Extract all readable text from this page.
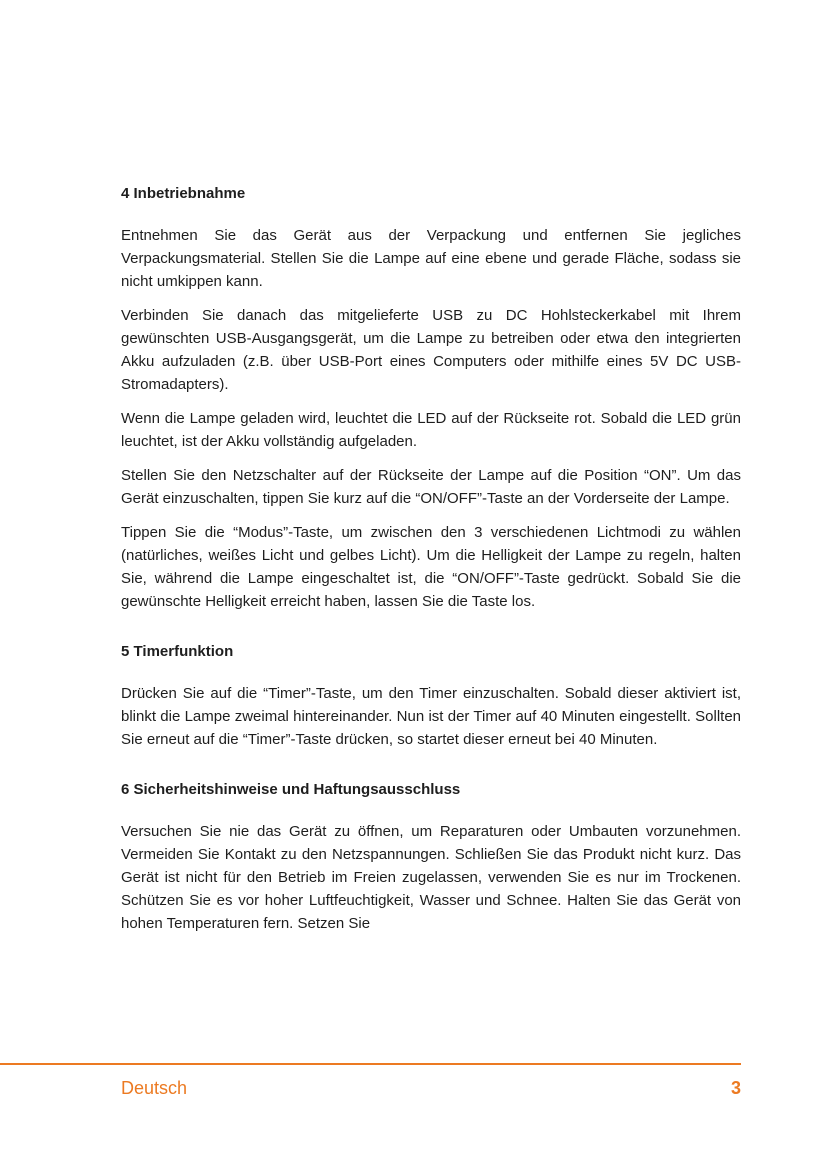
4 Inbetriebnahme

Entnehmen Sie das Gerät aus der Verpackung und entfernen Sie jegliches Verpackungsmaterial. Stellen Sie die Lampe auf eine ebene und gerade Fläche, sodass sie nicht umkippen kann.

Verbinden Sie danach das mitgelieferte USB zu DC Hohlsteckerkabel mit Ihrem gewünschten USB-Ausgangsgerät, um die Lampe zu betreiben oder etwa den integrierten Akku aufzuladen (z.B. über USB-Port eines Computers oder mithilfe eines 5V DC USB-Stromadapters).

Wenn die Lampe geladen wird, leuchtet die LED auf der Rückseite rot. Sobald die LED grün leuchtet, ist der Akku vollständig aufgeladen.

Stellen Sie den Netzschalter auf der Rückseite der Lampe auf die Position “ON”. Um das Gerät einzuschalten, tippen Sie kurz auf die “ON/OFF”-Taste an der Vorderseite der Lampe.

Tippen Sie die “Modus”-Taste, um zwischen den 3 verschiedenen Lichtmodi zu wählen (natürliches, weißes Licht und gelbes Licht). Um die Helligkeit der Lampe zu regeln, halten Sie, während die Lampe eingeschaltet ist, die “ON/OFF”-Taste gedrückt. Sobald Sie die gewünschte Helligkeit erreicht haben, lassen Sie die Taste los.

5 Timerfunktion

Drücken Sie auf die “Timer”-Taste, um den Timer einzuschalten. Sobald dieser aktiviert ist, blinkt die Lampe zweimal hintereinander. Nun ist der Timer auf 40 Minuten eingestellt. Sollten Sie erneut auf die “Timer”-Taste drücken, so startet dieser erneut bei 40 Minuten.

6 Sicherheitshinweise und Haftungsausschluss

Versuchen Sie nie das Gerät zu öffnen, um Reparaturen oder Umbauten vorzunehmen. Vermeiden Sie Kontakt zu den Netzspannungen. Schließen Sie das Produkt nicht kurz. Das Gerät ist nicht für den Betrieb im Freien zugelassen, verwenden Sie es nur im Trockenen. Schützen Sie es vor hoher Luftfeuchtigkeit, Wasser und Schnee. Halten Sie das Gerät von hohen Temperaturen fern. Setzen Sie

Deutsch	3
